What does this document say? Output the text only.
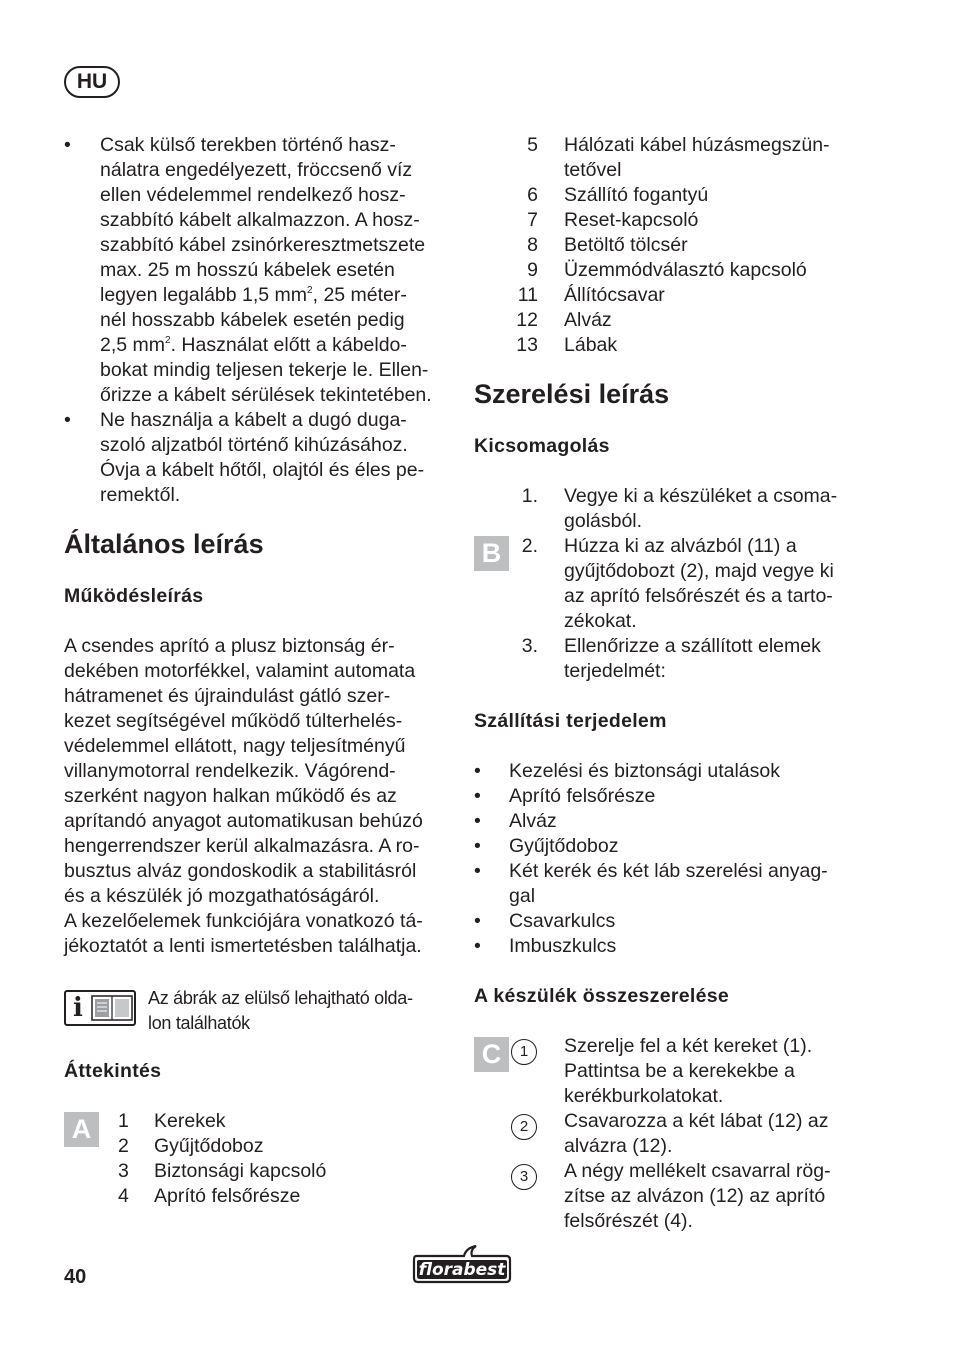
HU
• Csak külső terekben történő hasz-
nálatra engedélyezett, fröccsenő víz
ellen védelemmel rendelkező hosz-
szabbító kábelt alkalmazzon. A hosz-
szabbító kábel zsinórkeresztmetszete
max. 25 m hosszú kábelek esetén
legyen legalább 1,5 $mm^2$, 25 méter-
nél hosszabb kábelek esetén pedig
2,5 $mm^2$. Használat előtt a kábeldo-
bokat mindig teljesen tekerje le. Ellen-
őrizze a kábelt sérülések tekintetében.
• Ne használja a kábelt a dugó duga-
szoló aljzatból történő kihúzásához.
Óvja a kábelt hőtől, olajtól és éles pe-
remektől.
Általános leírás
Működésleírás

A csendes aprító a plusz biztonság ér-
dekében motorfékkel, valamint automata
hátramenet és újraindulást gátló szer-
kezet segítségével működő túlterhelés-
védelemmel ellátott, nagy teljesítményű
villanymotorral rendelkezik. Vágórend-
szerként nagyon halkan működő és az
aprítandó anyagot automatikusan behúzó
hengerrendszer kerül alkalmazásra. A ro-
busztus alváz gondoskodik a stabilitásról
és a készülék jó mozgathatóságáról.
A kezelőelemek funkciójára vonatkozó tá-
jékoztatót a lenti ismertetésben találhatja.

i	Az ábrák az elülső lehajtható olda-
lon találhatók
Áttekintés
A	1 Kerekek
2 Gyűjtődoboz
3 Biztonsági kapcsoló
4 Aprító felsőrésze
5 Hálózati kábel húzásmegszün-
tetővel
6 Szállító fogantyú
7 Reset-kapcsoló
8 Betöltő tölcsér
9 Üzemmódválasztó kapcsoló
11 Állítócsavar
12 Alváz
13 Lábak
Szerelési leírás
Kicsomagolás
B
1. Vegye ki a készüléket a csoma-
golásból.
2. Húzza ki az alvázból (11) a
gyűjtődobozt (2), majd vegye ki
az aprító felsőrészét és a tarto-
zékokat.
3. Ellenőrizze a szállított elemek
terjedelmét:
Szállítási terjedelem
• Kezelési és biztonsági utalások
• Aprító felsőrésze
• Alváz
• Gyűjtődoboz
• Két kerék és két láb szerelési anyag-
gal
• Csavarkulcs
• Imbuszkulcs
A készülék összeszerelése
C	1	Szerelje fel a két kereket (1).
Pattintsa be a kerekekbe a
kerékburkolatokat.
2	Csavarozza a két lábat (12) az
alvázra (12).
3	A négy mellékelt csavarral rög-
zítse az alvázon (12) az aprító
felsőrészét (4).
40	florabest
